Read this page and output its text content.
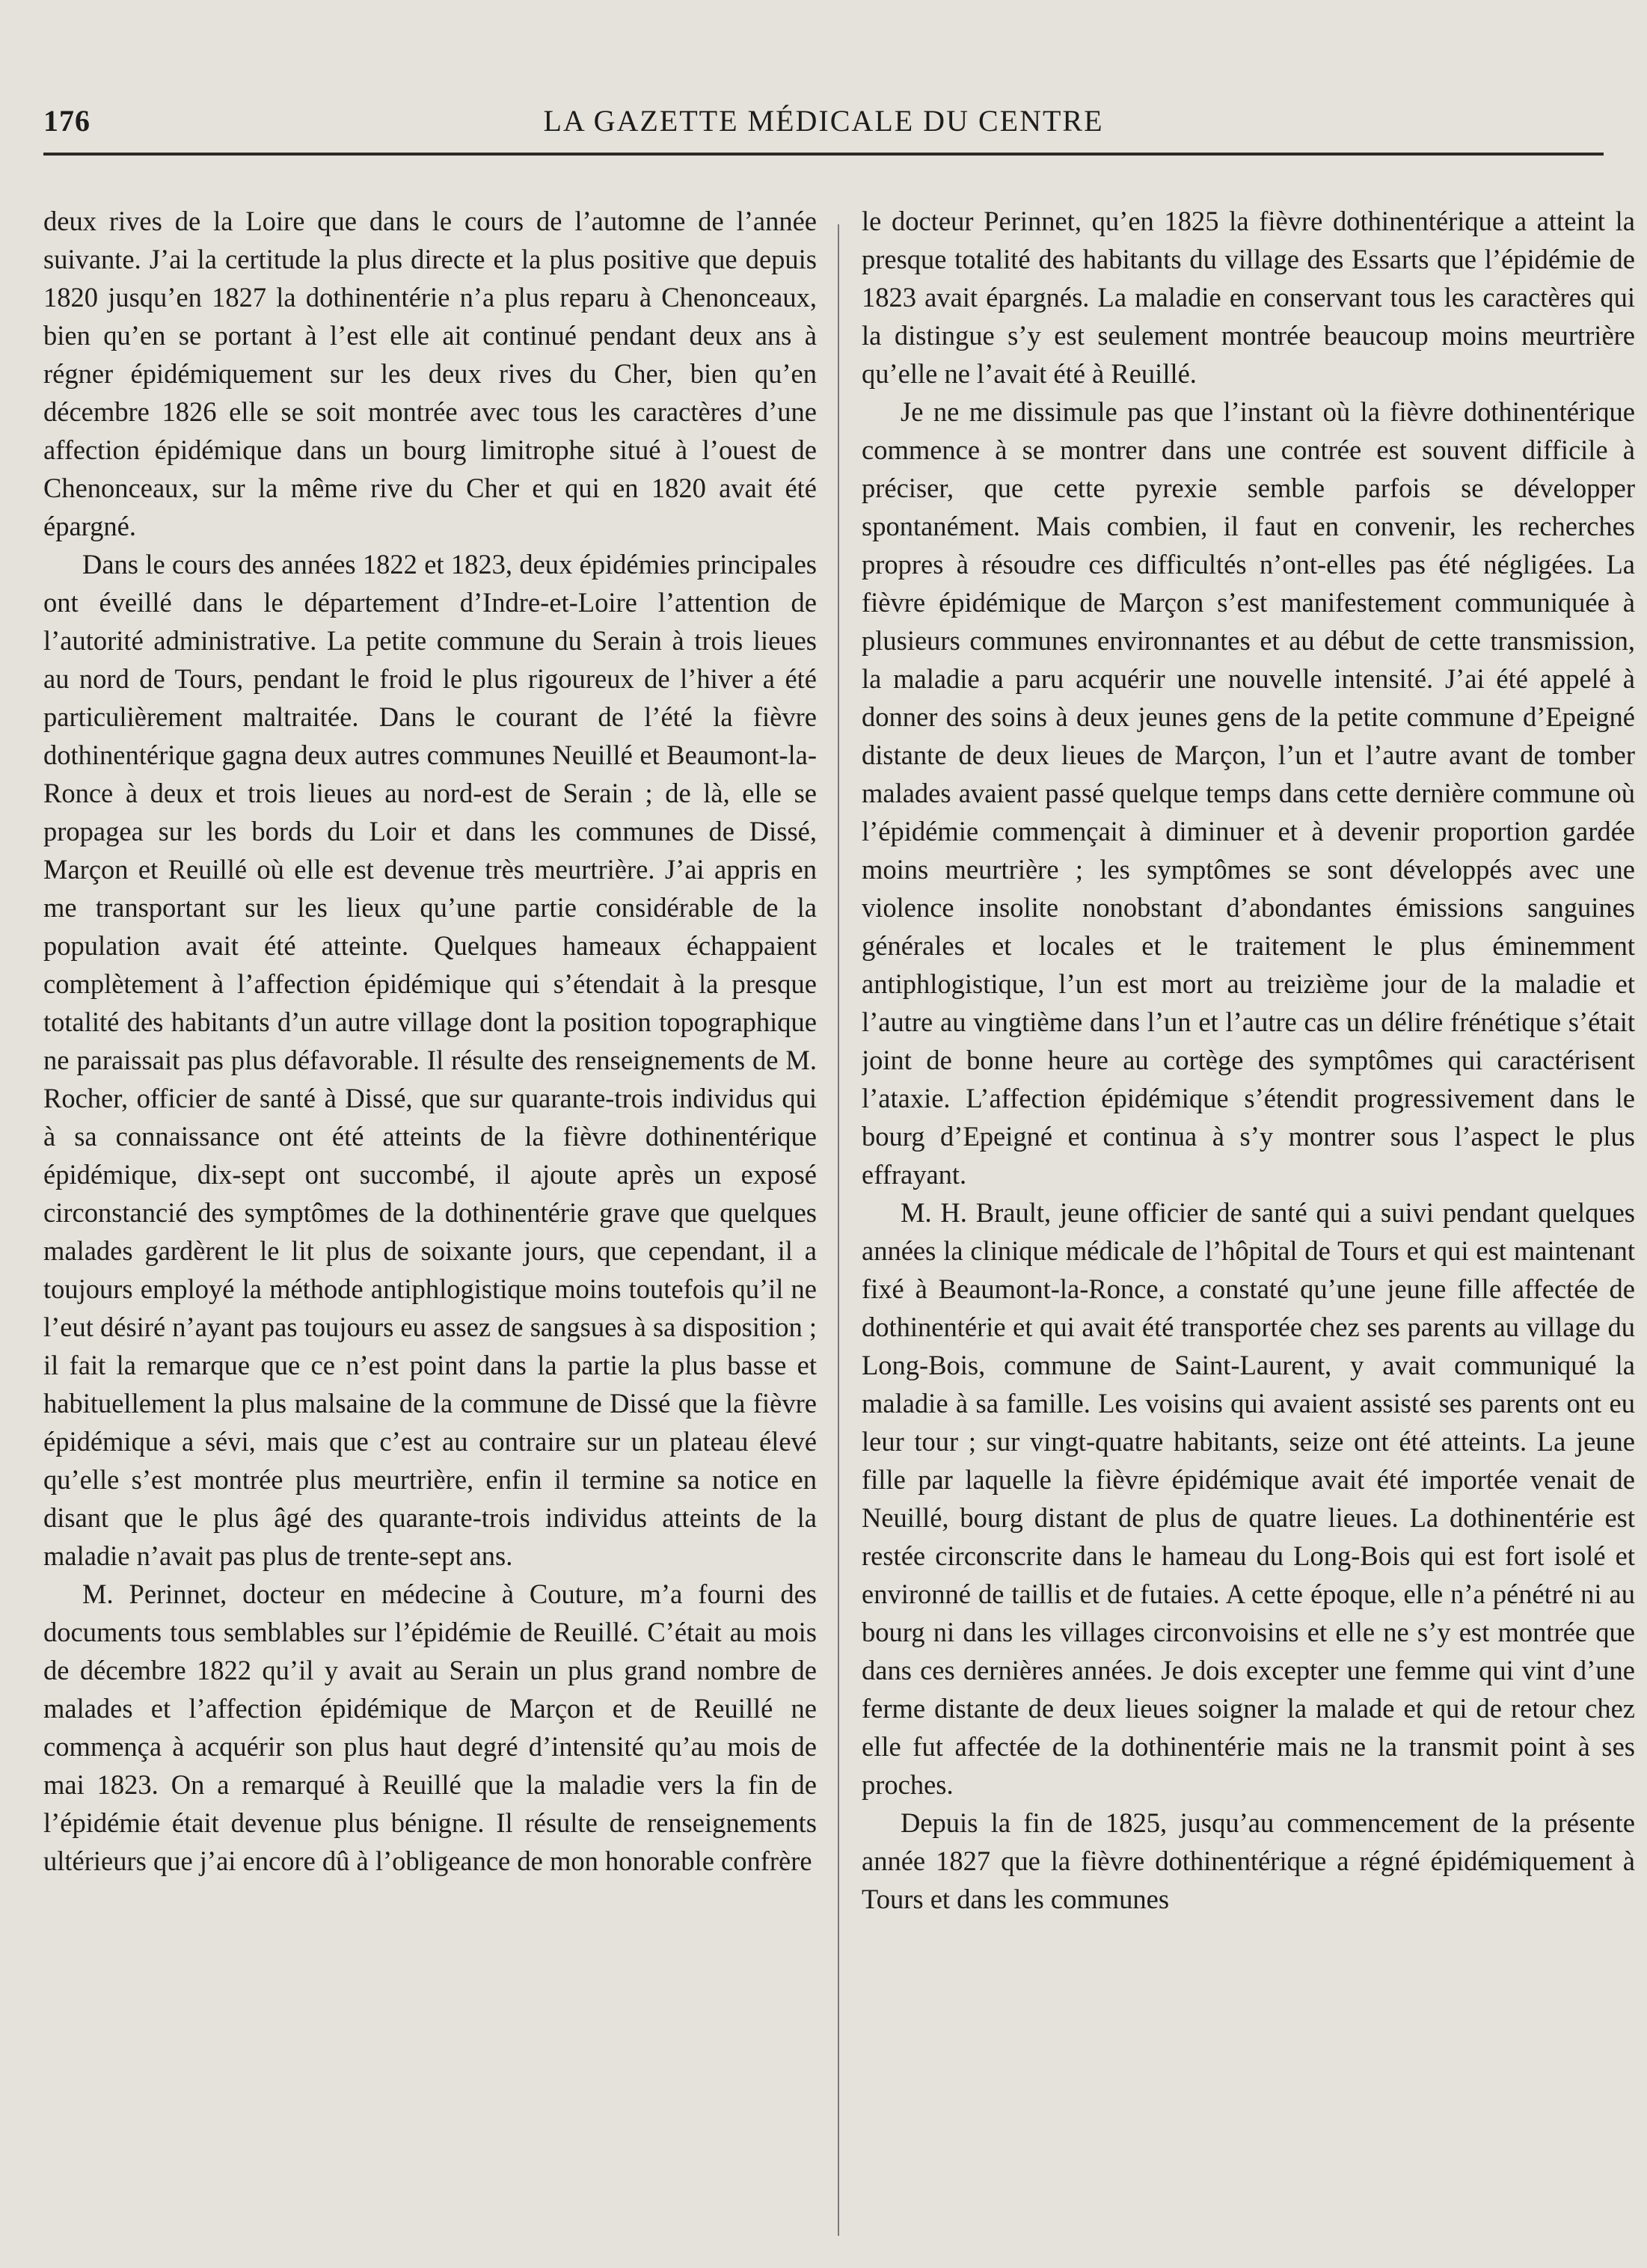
176	LA GAZETTE MÉDICALE DU CENTRE

deux rives de la Loire que dans le cours de l’automne de l’année suivante. J’ai la certitude la plus directe et la plus positive que depuis 1820 jusqu’en 1827 la dothinentérie n’a plus reparu à Chenonceaux, bien qu’en se portant à l’est elle ait continué pendant deux ans à régner épidémiquement sur les deux rives du Cher, bien qu’en décembre 1826 elle se soit montrée avec tous les caractères d’une affection épidémique dans un bourg limitrophe situé à l’ouest de Chenonceaux, sur la même rive du Cher et qui en 1820 avait été épargné.

Dans le cours des années 1822 et 1823, deux épidémies principales ont éveillé dans le département d’Indre-et-Loire l’attention de l’autorité administrative. La petite commune du Serain à trois lieues au nord de Tours, pendant le froid le plus rigoureux de l’hiver a été particulièrement maltraitée. Dans le courant de l’été la fièvre dothinentérique gagna deux autres communes Neuillé et Beaumont-la-Ronce à deux et trois lieues au nord-est de Serain ; de là, elle se propagea sur les bords du Loir et dans les communes de Dissé, Marçon et Reuillé où elle est devenue très meurtrière. J’ai appris en me transportant sur les lieux qu’une partie considérable de la population avait été atteinte. Quelques hameaux échappaient complètement à l’affection épidémique qui s’étendait à la presque totalité des habitants d’un autre village dont la position topographique ne paraissait pas plus défavorable. Il résulte des renseignements de M. Rocher, officier de santé à Dissé, que sur quarante-trois individus qui à sa connaissance ont été atteints de la fièvre dothinentérique épidémique, dix-sept ont succombé, il ajoute après un exposé circonstancié des symptômes de la dothinentérie grave que quelques malades gardèrent le lit plus de soixante jours, que cependant, il a toujours employé la méthode antiphlogistique moins toutefois qu’il ne l’eut désiré n’ayant pas toujours eu assez de sangsues à sa disposition ; il fait la remarque que ce n’est point dans la partie la plus basse et habituellement la plus malsaine de la commune de Dissé que la fièvre épidémique a sévi, mais que c’est au contraire sur un plateau élevé qu’elle s’est montrée plus meurtrière, enfin il termine sa notice en disant que le plus âgé des quarante-trois individus atteints de la maladie n’avait pas plus de trente-sept ans.

M. Perinnet, docteur en médecine à Couture, m’a fourni des documents tous semblables sur l’épidémie de Reuillé. C’était au mois de décembre 1822 qu’il y avait au Serain un plus grand nombre de malades et l’affection épidémique de Marçon et de Reuillé ne commença à acquérir son plus haut degré d’intensité qu’au mois de mai 1823. On a remarqué à Reuillé que la maladie vers la fin de l’épidémie était devenue plus bénigne. Il résulte de renseignements ultérieurs que j’ai encore dû à l’obligeance de mon honorable confrère

le docteur Perinnet, qu’en 1825 la fièvre dothinentérique a atteint la presque totalité des habitants du village des Essarts que l’épidémie de 1823 avait épargnés. La maladie en conservant tous les caractères qui la distingue s’y est seulement montrée beaucoup moins meurtrière qu’elle ne l’avait été à Reuillé.

Je ne me dissimule pas que l’instant où la fièvre dothinentérique commence à se montrer dans une contrée est souvent difficile à préciser, que cette pyrexie semble parfois se développer spontanément. Mais combien, il faut en convenir, les recherches propres à résoudre ces difficultés n’ont-elles pas été négligées. La fièvre épidémique de Marçon s’est manifestement communiquée à plusieurs communes environnantes et au début de cette transmission, la maladie a paru acquérir une nouvelle intensité. J’ai été appelé à donner des soins à deux jeunes gens de la petite commune d’Epeigné distante de deux lieues de Marçon, l’un et l’autre avant de tomber malades avaient passé quelque temps dans cette dernière commune où l’épidémie commençait à diminuer et à devenir proportion gardée moins meurtrière ; les symptômes se sont développés avec une violence insolite nonobstant d’abondantes émissions sanguines générales et locales et le traitement le plus éminemment antiphlogistique, l’un est mort au treizième jour de la maladie et l’autre au vingtième dans l’un et l’autre cas un délire frénétique s’était joint de bonne heure au cortège des symptômes qui caractérisent l’ataxie. L’affection épidémique s’étendit progressivement dans le bourg d’Epeigné et continua à s’y montrer sous l’aspect le plus effrayant.

M. H. Brault, jeune officier de santé qui a suivi pendant quelques années la clinique médicale de l’hôpital de Tours et qui est maintenant fixé à Beaumont-la-Ronce, a constaté qu’une jeune fille affectée de dothinentérie et qui avait été transportée chez ses parents au village du Long-Bois, commune de Saint-Laurent, y avait communiqué la maladie à sa famille. Les voisins qui avaient assisté ses parents ont eu leur tour ; sur vingt-quatre habitants, seize ont été atteints. La jeune fille par laquelle la fièvre épidémique avait été importée venait de Neuillé, bourg distant de plus de quatre lieues. La dothinentérie est restée circonscrite dans le hameau du Long-Bois qui est fort isolé et environné de taillis et de futaies. A cette époque, elle n’a pénétré ni au bourg ni dans les villages circonvoisins et elle ne s’y est montrée que dans ces dernières années. Je dois excepter une femme qui vint d’une ferme distante de deux lieues soigner la malade et qui de retour chez elle fut affectée de la dothinentérie mais ne la transmit point à ses proches.

Depuis la fin de 1825, jusqu’au commencement de la présente année 1827 que la fièvre dothinentérique a régné épidémiquement à Tours et dans les communes
